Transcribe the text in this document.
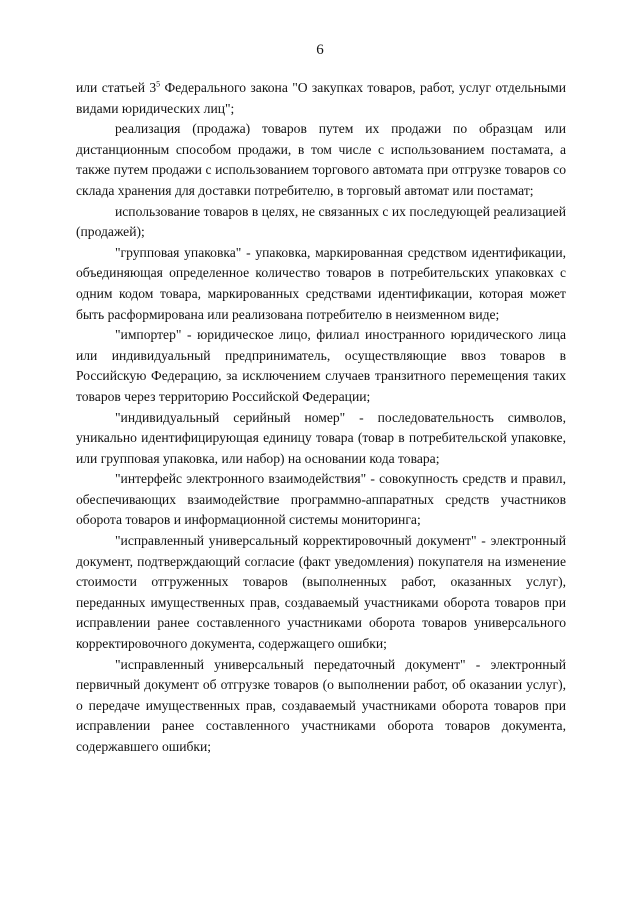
6

или статьей $3^5$ Федерального закона "О закупках товаров, работ, услуг отдельными видами юридических лиц";

реализация (продажа) товаров путем их продажи по образцам или дистанционным способом продажи, в том числе с использованием постамата, а также путем продажи с использованием торгового автомата при отгрузке товаров со склада хранения для доставки потребителю, в торговый автомат или постамат;

использование товаров в целях, не связанных с их последующей реализацией (продажей);

"групповая упаковка" - упаковка, маркированная средством идентификации, объединяющая определенное количество товаров в потребительских упаковках с одним кодом товара, маркированных средствами идентификации, которая может быть расформирована или реализована потребителю в неизменном виде;

"импортер" - юридическое лицо, филиал иностранного юридического лица или индивидуальный предприниматель, осуществляющие ввоз товаров в Российскую Федерацию, за исключением случаев транзитного перемещения таких товаров через территорию Российской Федерации;

"индивидуальный серийный номер" - последовательность символов, уникально идентифицирующая единицу товара (товар в потребительской упаковке, или групповая упаковка, или набор) на основании кода товара;

"интерфейс электронного взаимодействия" - совокупность средств и правил, обеспечивающих взаимодействие программно-аппаратных средств участников оборота товаров и информационной системы мониторинга;

"исправленный универсальный корректировочный документ" - электронный документ, подтверждающий согласие (факт уведомления) покупателя на изменение стоимости отгруженных товаров (выполненных работ, оказанных услуг), переданных имущественных прав, создаваемый участниками оборота товаров при исправлении ранее составленного участниками оборота товаров универсального корректировочного документа, содержащего ошибки;

"исправленный универсальный передаточный документ" - электронный первичный документ об отгрузке товаров (о выполнении работ, об оказании услуг), о передаче имущественных прав, создаваемый участниками оборота товаров при исправлении ранее составленного участниками оборота товаров документа, содержавшего ошибки;
